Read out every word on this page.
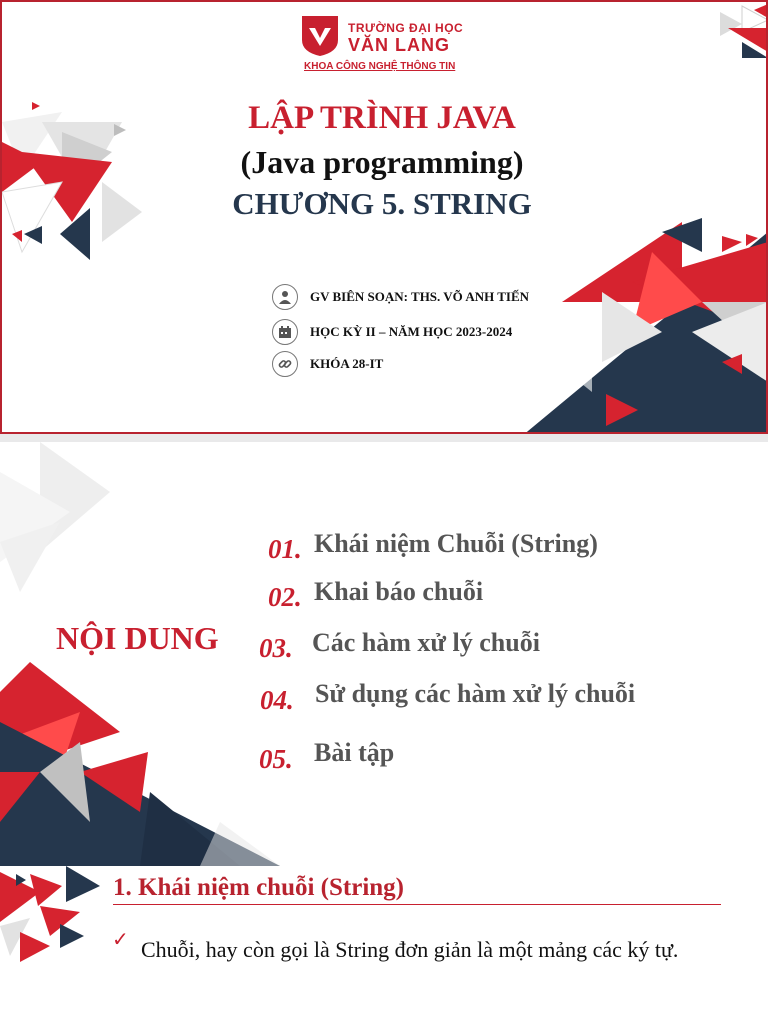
TRƯỜNG ĐẠI HỌC
VĂN LANG
KHOA CÔNG NGHỆ THÔNG TIN
LẬP TRÌNH JAVA
(Java programming)
CHƯƠNG 5. STRING
GV BIÊN SOẠN: THS. VÕ ANH TIẾN
HỌC KỲ II – NĂM HỌC 2023-2024
KHÓA 28-IT
NỘI DUNG
01. Khái niệm Chuỗi (String)
02. Khai báo chuỗi
03. Các hàm xử lý chuỗi
04. Sử dụng các hàm xử lý chuỗi
05. Bài tập
1. Khái niệm chuỗi (String)
✓ Chuỗi, hay còn gọi là String đơn giản là một mảng các ký tự.
